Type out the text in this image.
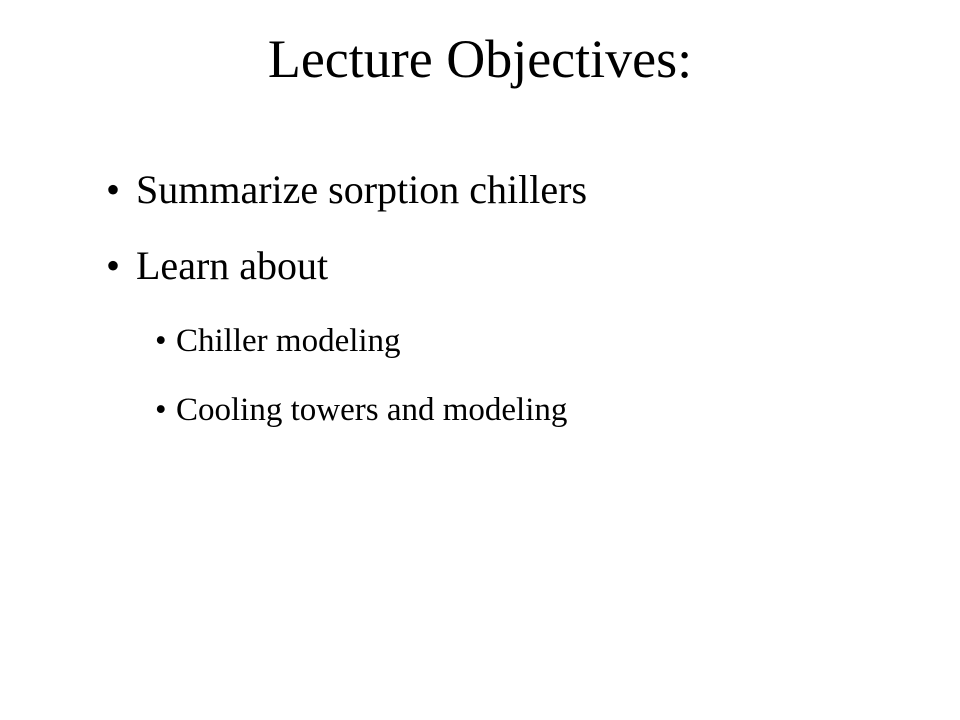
Lecture Objectives:
• Summarize sorption chillers
• Learn about
• Chiller modeling
• Cooling towers and modeling
